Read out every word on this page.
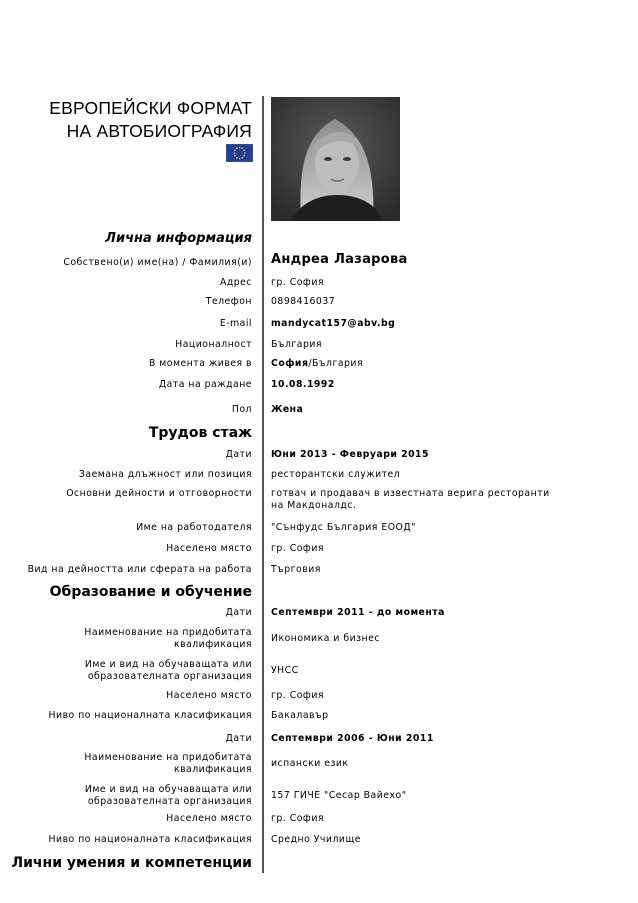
ЕВРОПЕЙСКИ ФОРМАТ
НА АВТОБИОГРАФИЯ
Лична информация
Собствено(и) име(на) / Фамилия(и) Андреа Лазарова
Адрес гр. София
Телефон 0898416037
E-mail mandycat157@abv.bg
Националност България
В момента живея в София/България
Дата на раждане 10.08.1992
Пол Жена
Трудов стаж
Дати Юни 2013 - Февруари 2015
Заемана длъжност или позиция ресторантски служител
Основни дейности и отговорности готвач и продавач в известната верига ресторанти на Макдоналдс.
Име на работодателя "Сънфудс България ЕООД"
Населено място гр. София
Вид на дейността или сферата на работа Търговия
Образование и обучение
Дати Септември 2011 - до момента
Наименование на придобитата
квалификация
Икономика и бизнес
Име и вид на обучаващата или
образователната организация
УНСС
Населено място гр. София
Ниво по националната класификация Бакалавър
Дати Септември 2006 - Юни 2011
Наименование на придобитата
квалификация
испански език
Име и вид на обучаващата или
образователната организация
157 ГИЧЕ "Сесар Вайехо"
Населено място гр. София
Ниво по националната класификация Средно Училище
Лични умения и компетенции
